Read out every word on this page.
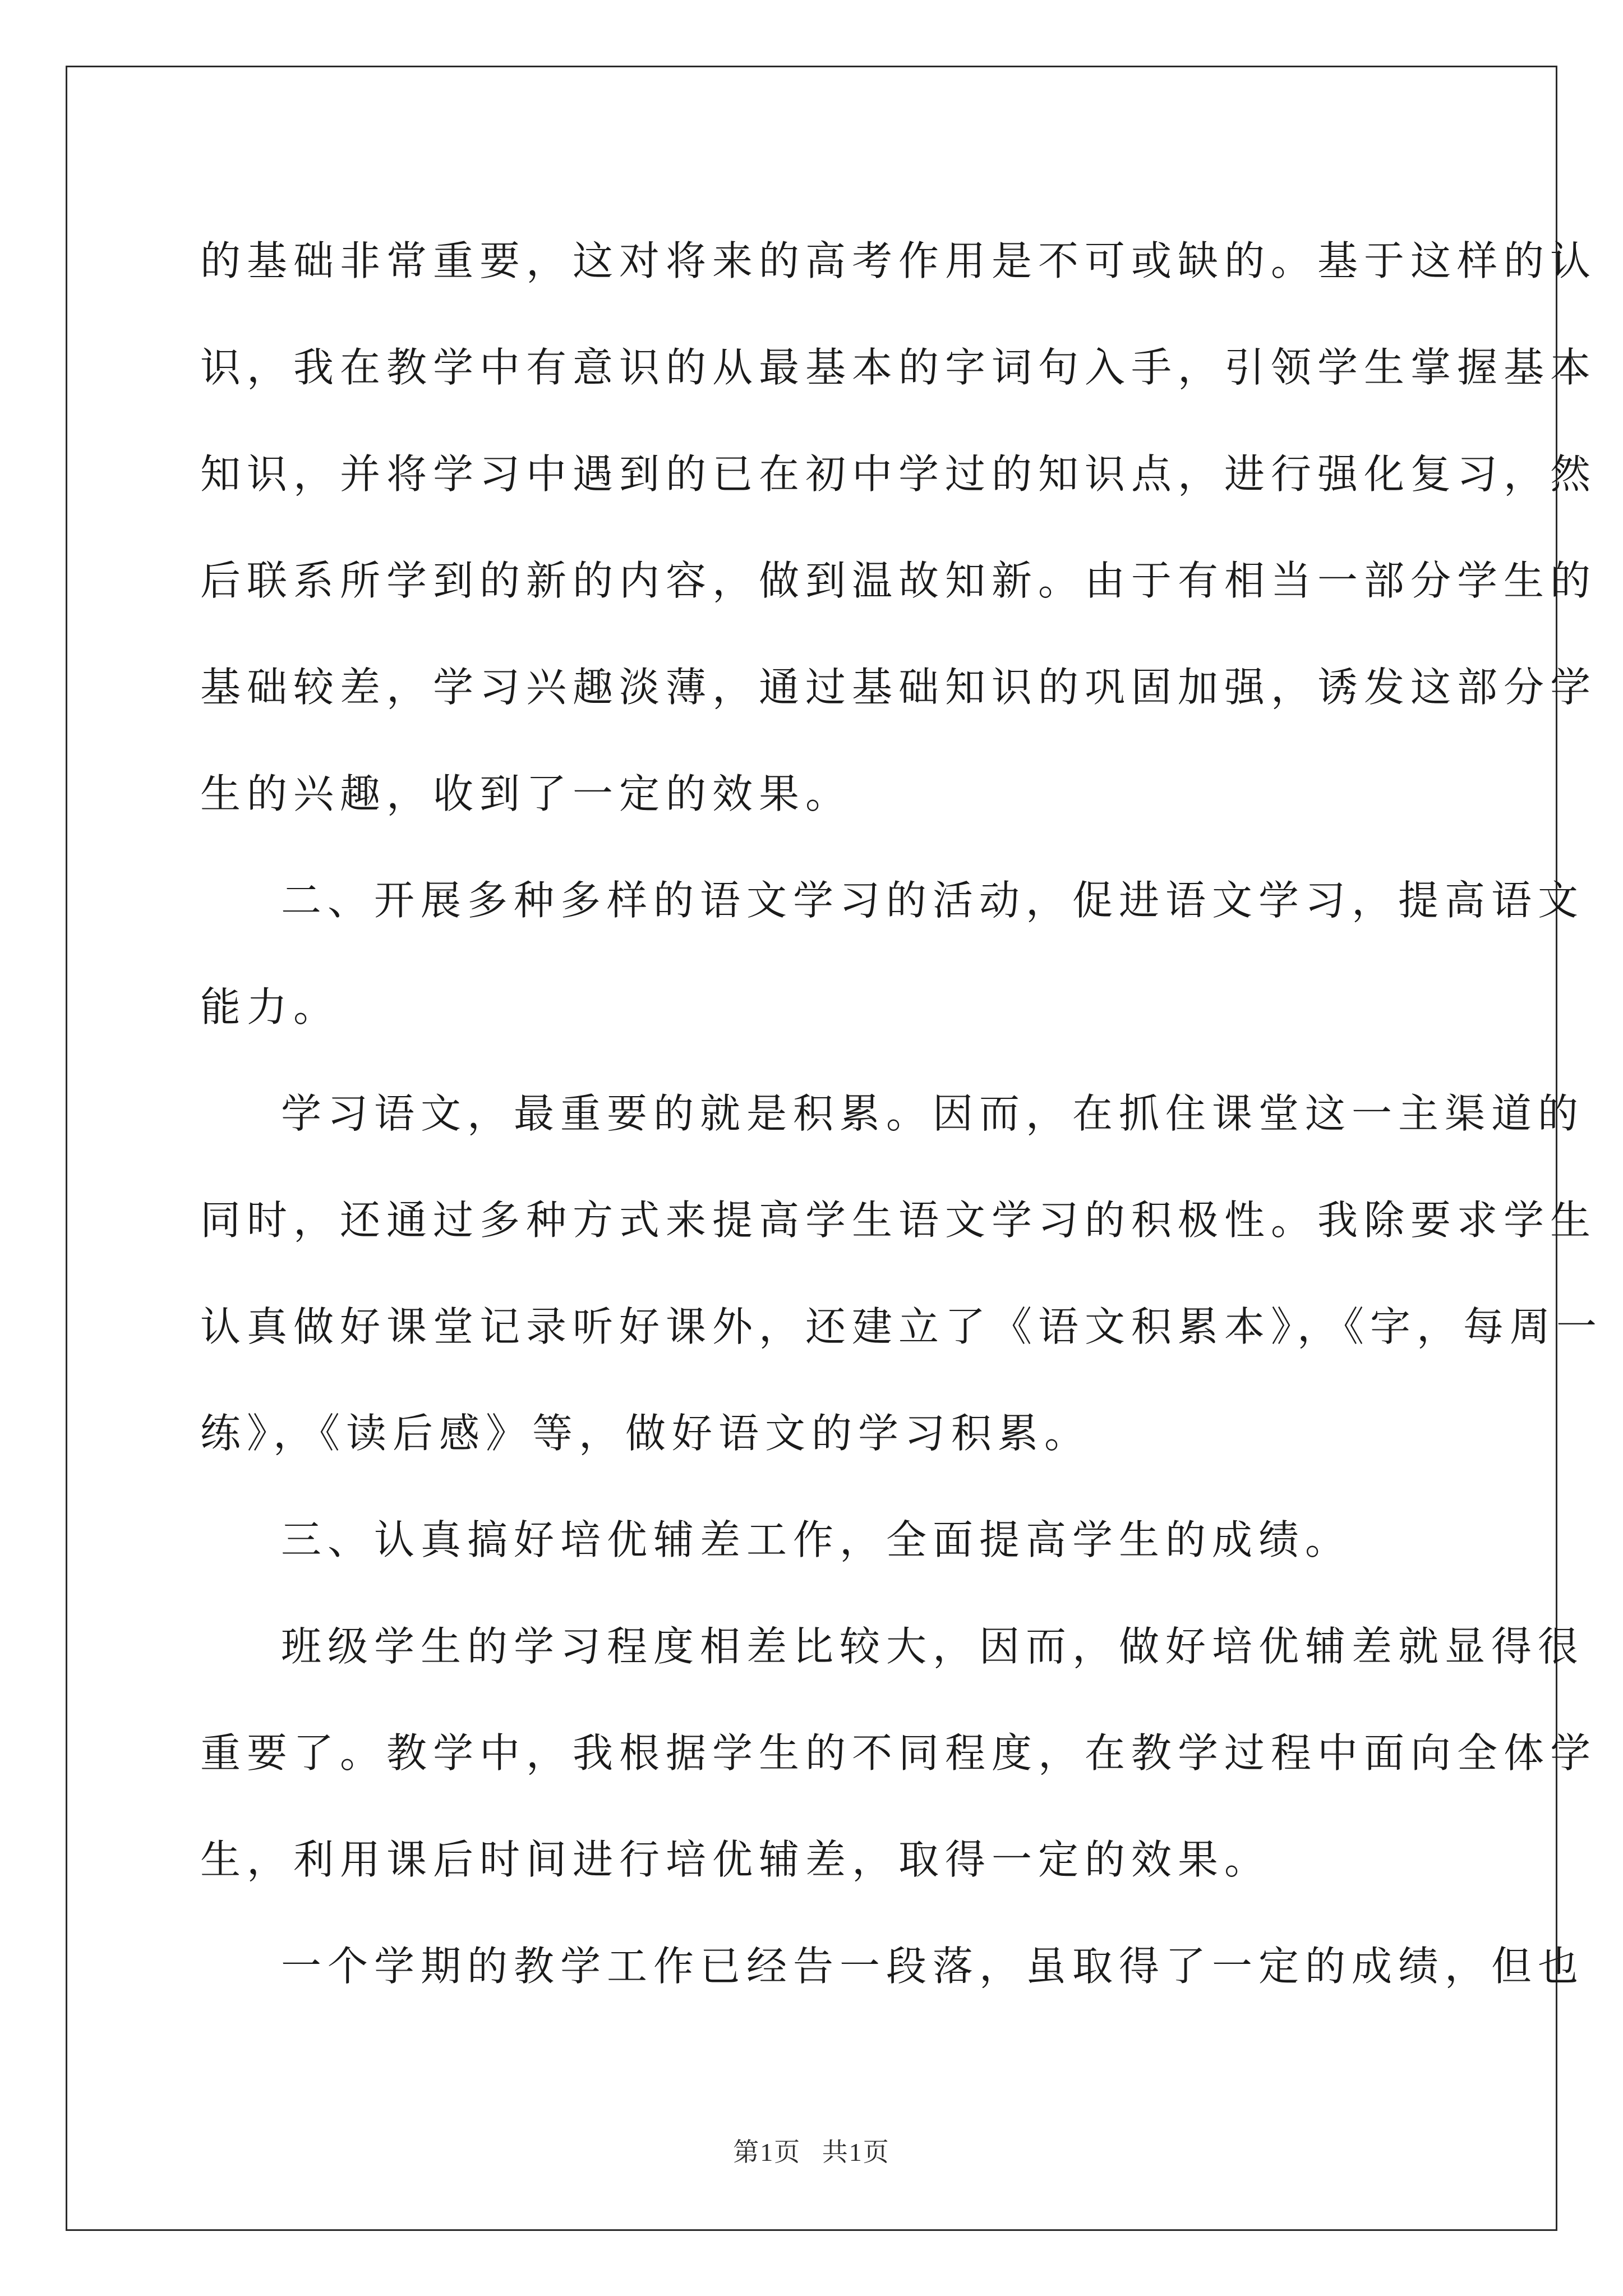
的基础非常重要，这对将来的高考作用是不可或缺的。基于这样的认
识，我在教学中有意识的从最基本的字词句入手，引领学生掌握基本
知识，并将学习中遇到的已在初中学过的知识点，进行强化复习，然
后联系所学到的新的内容，做到温故知新。由于有相当一部分学生的
基础较差，学习兴趣淡薄，通过基础知识的巩固加强，诱发这部分学
生的兴趣，收到了一定的效果。
二、开展多种多样的语文学习的活动，促进语文学习，提高语文
能力。
学习语文，最重要的就是积累。因而，在抓住课堂这一主渠道的
同时，还通过多种方式来提高学生语文学习的积极性。我除要求学生
认真做好课堂记录听好课外，还建立了《语文积累本》，《字，每周一
练》，《读后感》等，做好语文的学习积累。
三、认真搞好培优辅差工作，全面提高学生的成绩。
班级学生的学习程度相差比较大，因而，做好培优辅差就显得很
重要了。教学中，我根据学生的不同程度，在教学过程中面向全体学
生，利用课后时间进行培优辅差，取得一定的效果。
一个学期的教学工作已经告一段落，虽取得了一定的成绩，但也
第1页 共1页
